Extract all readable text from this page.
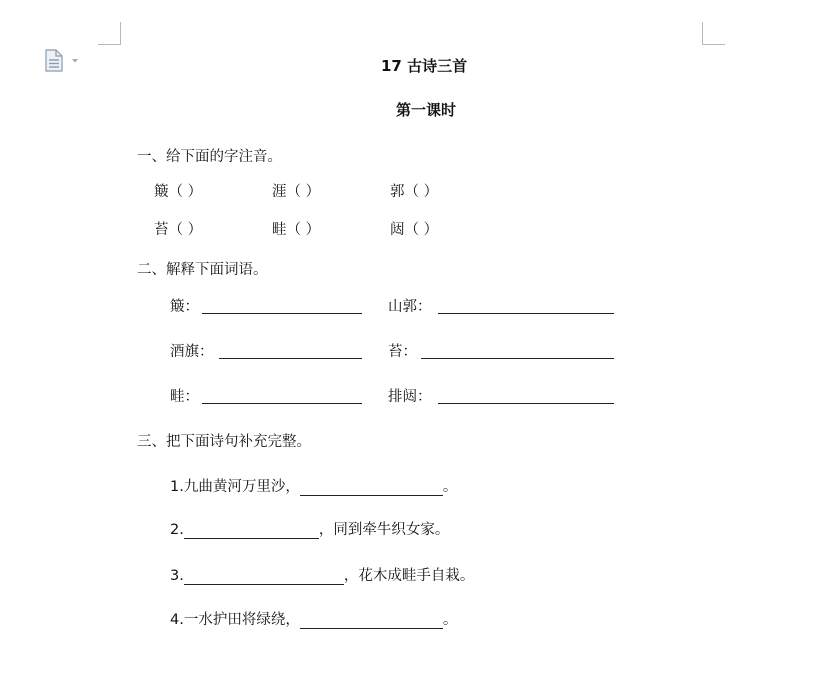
17 古诗三首
第一课时
一、给下面的字注音。
簸（ ）	涯（ ）	郭（ ）
苔（ ）	畦（ ）	闼（ ）
二、解释下面词语。
簸：	山郭：
酒旗：	苔：
畦：	排闼：
三、把下面诗句补充完整。
1.九曲黄河万里沙，	。
2.	，同到牵牛织女家。
3.	，花木成畦手自栽。
4.一水护田将绿绕，	。
